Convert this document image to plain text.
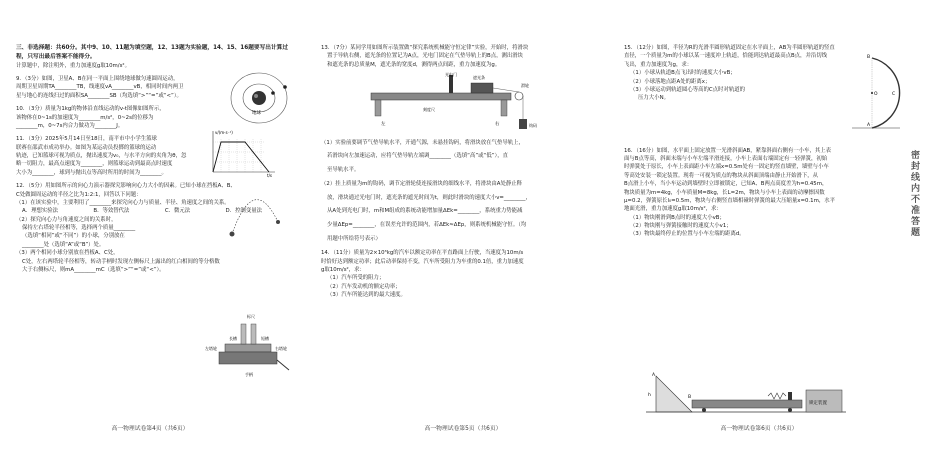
三、非选择题：共60分。其中9、10、11题为填空题，12、13题为实验题，14、15、16题要写出计算过程，只写出最后答案不能得分。
计算题中，除注明外，重力加速度g取10m/s²。

9．（3分）如图，卫星A、B在同一平面上围绕地球做匀速圆周运动，

周期卫星周期TA________TB，线速度vA________vB，相同时间内两卫

星与地心的连线扫过的面积SA________SB（均选填“>”“=”或“<”）。

10．（3分）质量为1kg的物体沿直线运动的v-t图像如图所示，

该物体在0~1s的加速度为________m/s²，0~2s的位移为

________m，0~7s内合力做功为________J。

11．（3分）2025年5月14日至18日，南平市中小学生篮球

联赛在邵武市成功举办。如图为某运动员投掷的篮球的运动

轨迹，已知篮球可视为质点，抛出速度为v₀，与水平方向的夹角为θ，忽

略一切阻力，最高点速度为________，则篮球运动到最高点时速度

大小为________，球到与抛出点等高时所用的时间为________。

12．（5分）用如图所示的向心力演示器探究影响向心力大小的因素。已知小球在挡板A、B、

C处做圆周运动的半径之比为1:2:1，回答以下问题：

（1）在该实验中，主要利用了________来探究向心力与质量、半径、角速度之间的关系。

A．理想实验法	B．等效替代法	C．微元法	D．控制变量法

（2）探究向心力与角速度之间的关系时，

保持左右塔轮半径相等，选择两个质量________

（选填“相同”或“不同”）的小球，分别放在

________处（选填“A”或“B”）处。

（3）两个相同小球分别放在挡板A、C处，

C处，左右两塔轮半径相等，转动手柄时发现左侧标尺上露出的红白相间的等分格数

大于右侧标尺，则mA________mC（选填“>”“=”或“<”）。

地球
v/(m·s⁻¹)
t/s
标尺
长槽	短槽
左塔轮	右塔轮
手柄
高一物理试卷第4页（共6页）

13．（7分）某同学用如图所示装置做“探究系统机械能守恒定律”实验，开始时，将滑块

置于导轨右侧，遮光条的位置记为A点，光电门固定在气垫导轨上的B点，测出滑块

和遮光条的总质量M，遮光条的宽度d，测得两点间距，重力加速度为g。

光电门
遮光条
左
刻度尺
右	钩码
滑轮

（1）实验前要调节气垫导轨水平，开通气源，未悬挂钩码，将滑块放在气垫导轨上，

若滑块向左加速运动，应将气垫导轨左端调________（选填“高”或“低”），直

至导轨水平。

（2）挂上质量为m的钩码，调节定滑轮使连接滑块的细线水平，将滑块由A处静止释

放，滑块通过光电门时，遮光条的遮光时间为t，则此时滑块的速度大小v=________，

从A处到光电门时，m和M组成的系统动能增加量ΔEk=________，系统重力势能减

少量ΔEp=________，在误差允许的范围内，若ΔEk≈ΔEp，则系统机械能守恒。（均

用题中所给符号表示）

14．（11分）质量为2×10³kg的汽车以额定功率在平直路面上行驶，当速度为10m/s

时恰好达到额定功率；此后动率保持不变，汽车所受阻力为车重的0.1倍，重力加速度

g取10m/s²，求：

（1）汽车所受的阻力；

（2）汽车发动机的额定功率；

（3）汽车所能达到的最大速度。

高一物理试卷第5页（共6页）

15．（12分）如图，半径为R的光滑半圆形轨道固定在水平面上，AB为半圆形轨道的竖直

直径，一个质量为m的小球以某一速度冲上轨道，恰能到达轨道最高点B点，并沿切线

飞出，重力加速度为g，求：

（1）小球从轨道B点飞出时的速度大小vB；

（2）小球落地点距A处的距离x；

（3）小球运动到轨道圆心等高的C点时对轨道的

压力大小N。

B
O	C
A

16．（16分）如图，水平面上固定放置一光滑斜面AB，紧靠斜面右侧有一小车，其上表

面与B点等高，斜面末端与小车左端平滑连接，小车上表面右端固定有一轻弹簧，初始

时弹簧处于原长，小车上表面距小车左端x=0.5m处有一固定的竖直墙壁，墙壁与小车

等高处安装一锁定装置。现将一可视为质点的物块从斜面顶端由静止开始滑下，从

B点滑上小车，当小车运动到墙壁时立即被锁定，已知A、B两点高度差为h=0.45m，

物块质量为m=4kg，小车质量M=8kg，长L=2m，物块与小车上表面的动摩擦因数

μ=0.2，弹簧原长l₀=0.5m，物块与右侧竖直墙相碰时弹簧的最大压缩量x=0.1m，水平

地面光滑，重力加速度g取10m/s²，求：

（1）物块刚滑到B点时的速度大小vB；

（2）物块刚与弹簧接触时的速度大小v1；

（3）物块最终停止的位置与小车左端的距离d。

A
h	B
锁定装置
高一物理试卷第6页（共6页）
密封线内不准答题
